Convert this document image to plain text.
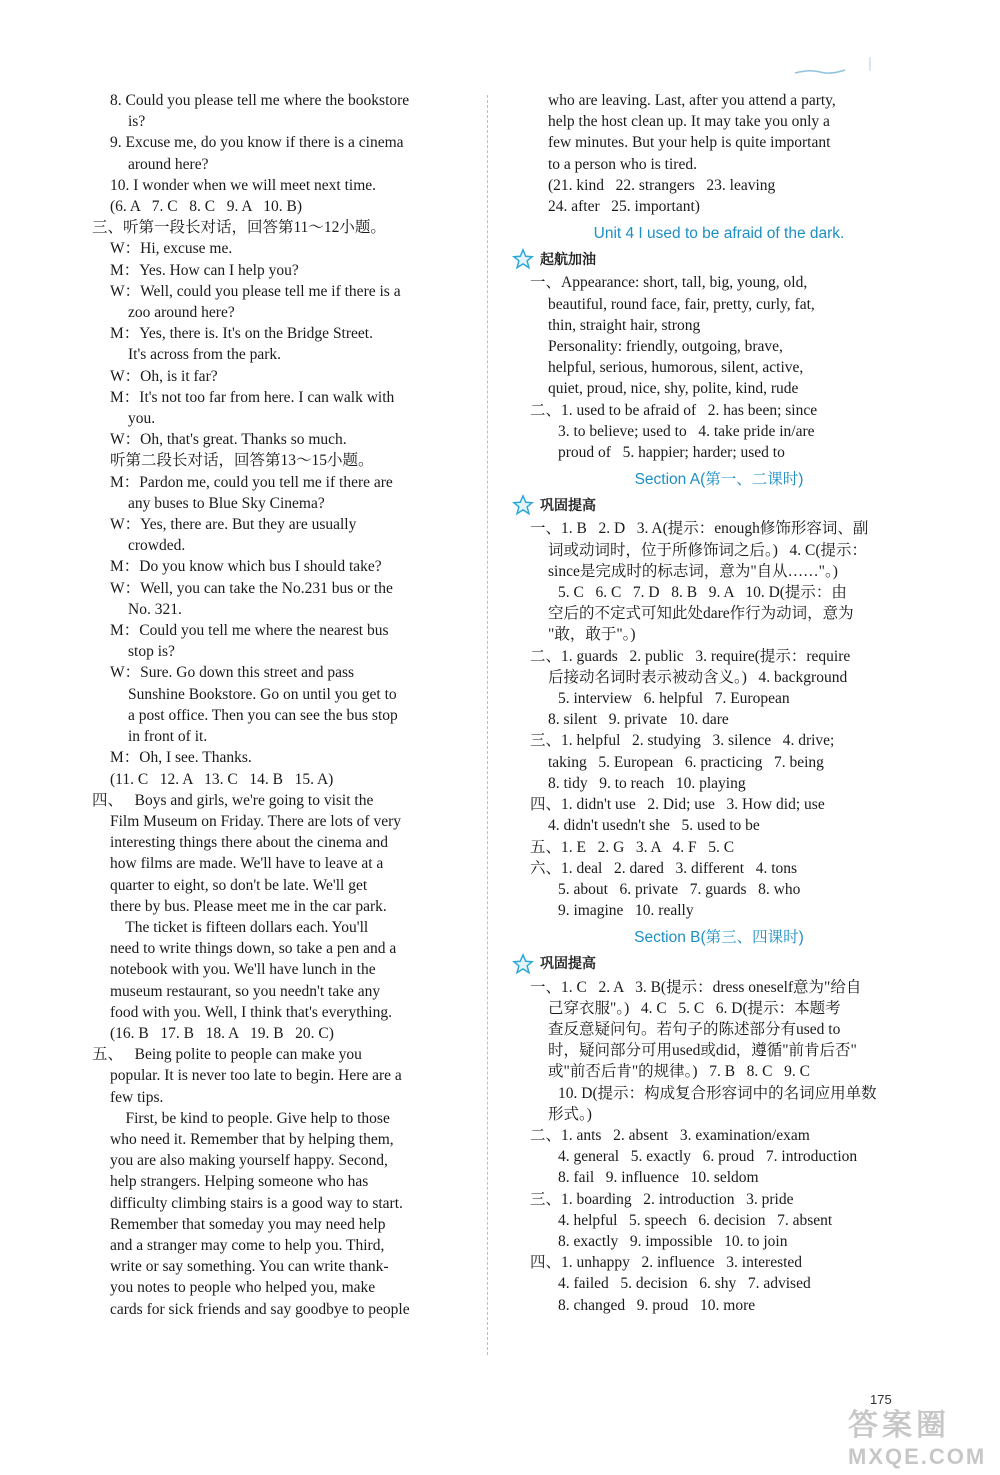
8. Could you please tell me where the bookstore
is?
9. Excuse me, do you know if there is a cinema
around here?
10. I wonder when we will meet next time.
(6. A   7. C   8. C   9. A   10. B)
三、听第一段长对话，回答第11～12小题。
W：Hi, excuse me.
M：Yes. How can I help you?
W：Well, could you please tell me if there is a
zoo around here?
M：Yes, there is. It's on the Bridge Street.
It's across from the park.
W：Oh, is it far?
M：It's not too far from here. I can walk with
you.
W：Oh, that's great. Thanks so much.
听第二段长对话，回答第13～15小题。
M：Pardon me, could you tell me if there are
any buses to Blue Sky Cinema?
W：Yes, there are. But they are usually
crowded.
M：Do you know which bus I should take?
W：Well, you can take the No.231 bus or the
No. 321.
M：Could you tell me where the nearest bus
stop is?
W：Sure. Go down this street and pass
Sunshine Bookstore. Go on until you get to
a post office. Then you can see the bus stop
in front of it.
M：Oh, I see. Thanks.
(11. C   12. A   13. C   14. B   15. A)
四、   Boys and girls, we're going to visit the
Film Museum on Friday. There are lots of very
interesting things there about the cinema and
how films are made. We'll have to leave at a
quarter to eight, so don't be late. We'll get
there by bus. Please meet me in the car park.
The ticket is fifteen dollars each. You'll
need to write things down, so take a pen and a
notebook with you. We'll have lunch in the
museum restaurant, so you needn't take any
food with you. Well, I think that's everything.
(16. B   17. B   18. A   19. B   20. C)
五、   Being polite to people can make you
popular. It is never too late to begin. Here are a
few tips.
First, be kind to people. Give help to those
who need it. Remember that by helping them,
you are also making yourself happy. Second,
help strangers. Helping someone who has
difficulty climbing stairs is a good way to start.
Remember that someday you may need help
and a stranger may come to help you. Third,
write or say something. You can write thank-
you notes to people who helped you, make
cards for sick friends and say goodbye to people
who are leaving. Last, after you attend a party,
help the host clean up. It may take you only a
few minutes. But your help is quite important
to a person who is tired.
(21. kind   22. strangers   23. leaving
24. after   25. important)
Unit 4 I used to be afraid of the dark.
起航加油
一、Appearance: short, tall, big, young, old,
beautiful, round face, fair, pretty, curly, fat,
thin, straight hair, strong
Personality: friendly, outgoing, brave,
helpful, serious, humorous, silent, active,
quiet, proud, nice, shy, polite, kind, rude
二、1. used to be afraid of   2. has been; since
3. to believe; used to   4. take pride in/are
proud of   5. happier; harder; used to
Section A(第一、二课时)
巩固提高
一、1. B   2. D   3. A(提示：enough修饰形容词、副
词或动词时，位于所修饰词之后。)   4. C(提示：
since是完成时的标志词，意为"自从……"。)
5. C   6. C   7. D   8. B   9. A   10. D(提示：由
空后的不定式可知此处dare作行为动词，意为
"敢，敢于"。)
二、1. guards   2. public   3. require(提示：require
后接动名词时表示被动含义。)   4. background
5. interview   6. helpful   7. European
8. silent   9. private   10. dare
三、1. helpful   2. studying   3. silence   4. drive;
taking   5. European   6. practicing   7. being
8. tidy   9. to reach   10. playing
四、1. didn't use   2. Did; use   3. How did; use
4. didn't usedn't she   5. used to be
五、1. E   2. G   3. A   4. F   5. C
六、1. deal   2. dared   3. different   4. tons
5. about   6. private   7. guards   8. who
9. imagine   10. really
Section B(第三、四课时)
巩固提高
一、1. C   2. A   3. B(提示：dress oneself意为"给自
己穿衣服"。)   4. C   5. C   6. D(提示：本题考
查反意疑问句。若句子的陈述部分有used to
时，疑问部分可用used或did，遵循"前肯后否"
或"前否后肯"的规律。)   7. B   8. C   9. C
10. D(提示：构成复合形容词中的名词应用单数
形式。)
二、1. ants   2. absent   3. examination/exam
4. general   5. exactly   6. proud   7. introduction
8. fail   9. influence   10. seldom
三、1. boarding   2. introduction   3. pride
4. helpful   5. speech   6. decision   7. absent
8. exactly   9. impossible   10. to join
四、1. unhappy   2. influence   3. interested
4. failed   5. decision   6. shy   7. advised
8. changed   9. proud   10. more
175
答案圈
MXQE.COM
